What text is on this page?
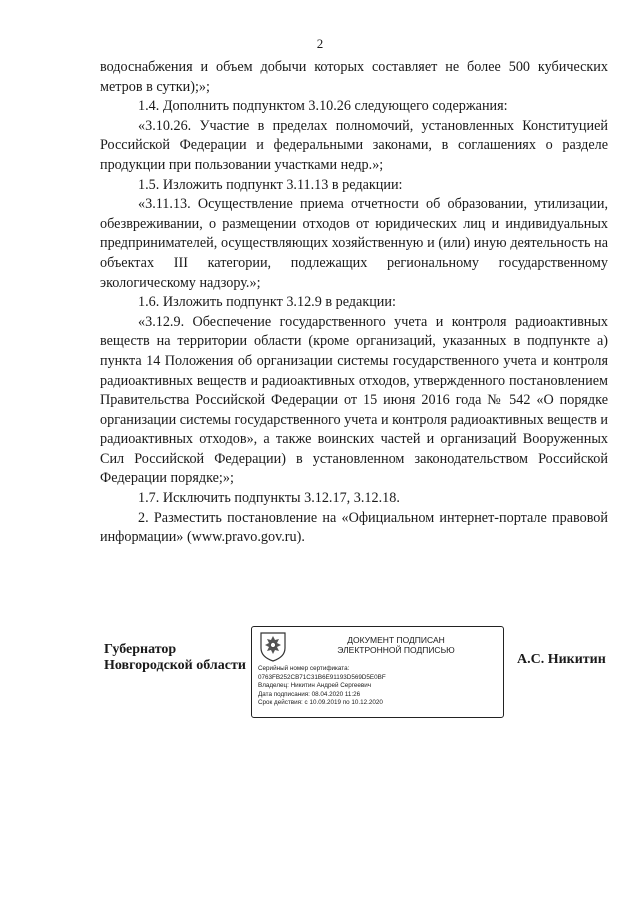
2

водоснабжения и объем добычи которых составляет не более 500 кубических метров в сутки);»;

1.4. Дополнить подпунктом 3.10.26 следующего содержания:

«3.10.26. Участие в пределах полномочий, установленных Конституцией Российской Федерации и федеральными законами, в соглашениях о разделе продукции при пользовании участками недр.»;

1.5. Изложить подпункт 3.11.13 в редакции:

«3.11.13. Осуществление приема отчетности об образовании, утилизации, обезвреживании, о размещении отходов от юридических лиц и индивидуальных предпринимателей, осуществляющих хозяйственную и (или) иную деятельность на объектах III категории, подлежащих региональному государственному экологическому надзору.»;

1.6. Изложить подпункт 3.12.9 в редакции:

«3.12.9. Обеспечение государственного учета и контроля радиоактивных веществ на территории области (кроме организаций, указанных в подпункте а) пункта 14 Положения об организации системы государственного учета и контроля радиоактивных веществ и радиоактивных отходов, утвержденного постановлением Правительства Российской Федерации от 15 июня 2016 года № 542 «О порядке организации системы государственного учета и контроля радиоактивных веществ и радиоактивных отходов», а также воинских частей и организаций Вооруженных Сил Российской Федерации) в установленном законодательством Российской Федерации порядке;»;

1.7. Исключить подпункты 3.12.17, 3.12.18.

2. Разместить постановление на «Официальном интернет-портале правовой информации» (www.pravo.gov.ru).

Губернатор
Новгородской области
ДОКУМЕНТ ПОДПИСАН
ЭЛЕКТРОННОЙ ПОДПИСЬЮ
Серийный номер сертификата:
0763FB252CB71C31B6E91193D569D5E0BF
Владелец: Никитин Андрей Сергеевич
Дата подписания: 08.04.2020 11:26
Срок действия: с 10.09.2019 по 10.12.2020
А.С. Никитин
